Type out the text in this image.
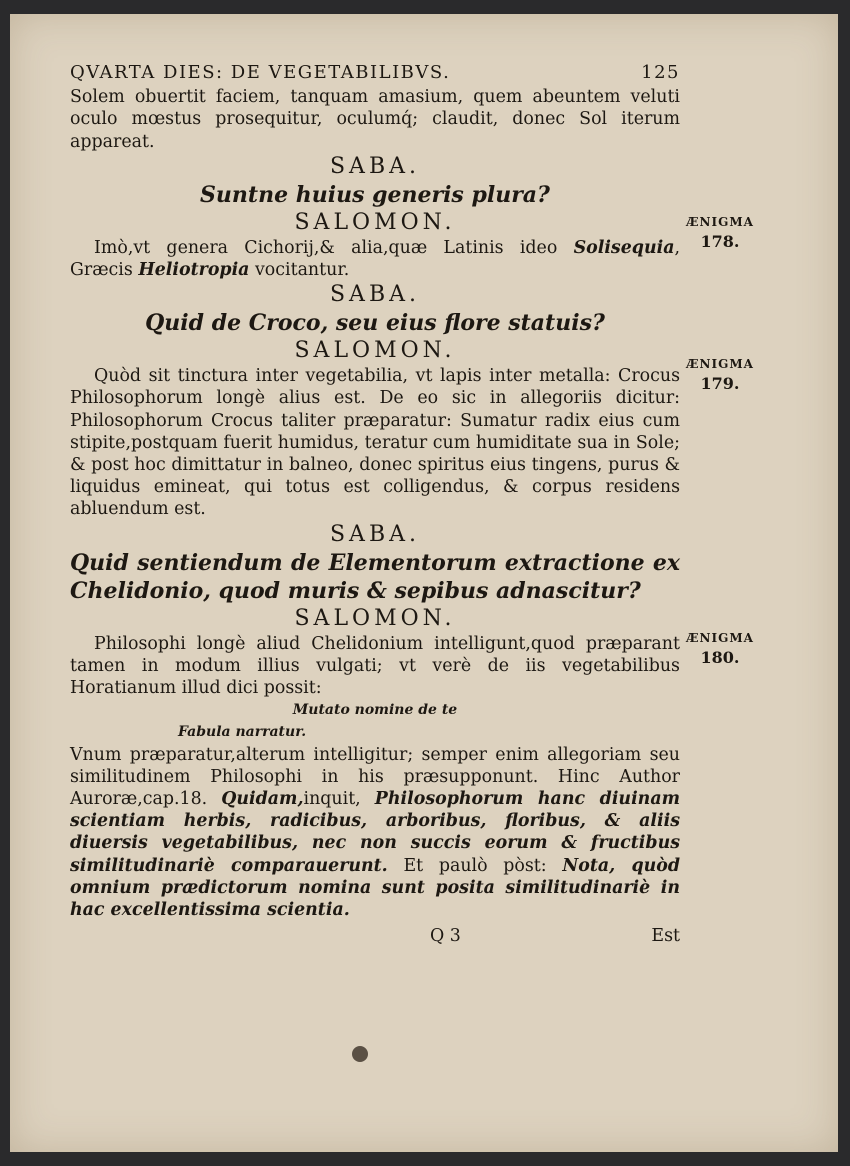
QVARTA DIES: DE VEGETABILIBVS.	125

Solem obuertit faciem, tanquam amasium, quem abeuntem veluti oculo mœstus prosequitur, oculumq́; claudit, donec Sol iterum appareat.

SABA.
Suntne huius generis plura?
SALOMON.

Imò,vt genera Cichorij,& alia,quæ Latinis ideo Solisequia, Græcis Heliotropia vocitantur.

SABA.
Quid de Croco, seu eius flore statuis?
SALOMON.

Quòd sit tinctura inter vegetabilia, vt lapis inter metalla: Crocus Philosophorum longè alius est. De eo sic in allegoriis dicitur: Philosophorum Crocus taliter præparatur: Sumatur radix eius cum stipite,postquam fuerit humidus, teratur cum humiditate sua in Sole; & post hoc dimittatur in balneo, donec spiritus eius tingens, purus & liquidus emineat, qui totus est colligendus, & corpus residens abluendum est.

SABA.
Quid sentiendum de Elementorum extractione ex Chelidonio, quod muris & sepibus adnascitur?
SALOMON.

Philosophi longè aliud Chelidonium intelligunt,quod præparant tamen in modum illius vulgati; vt verè de iis vegetabilibus Horatianum illud dici possit:

Mutato nomine de te
Fabula narratur.

Vnum præparatur,alterum intelligitur; semper enim allegoriam seu similitudinem Philosophi in his præsupponunt. Hinc Author Auroræ,cap.18. Quidam,inquit, Philosophorum hanc diuinam scientiam herbis, radicibus, arboribus, floribus, & aliis diuersis vegetabilibus, nec non succis eorum & fructibus similitudinariè comparauerunt. Et paulò pòst: Nota, quòd omnium prædictorum nomina sunt posita similitudinariè in hac excellentissima scientia.

Q 3	Est
ÆNIGMA
178.
ÆNIGMA
179.
ÆNIGMA
180.
